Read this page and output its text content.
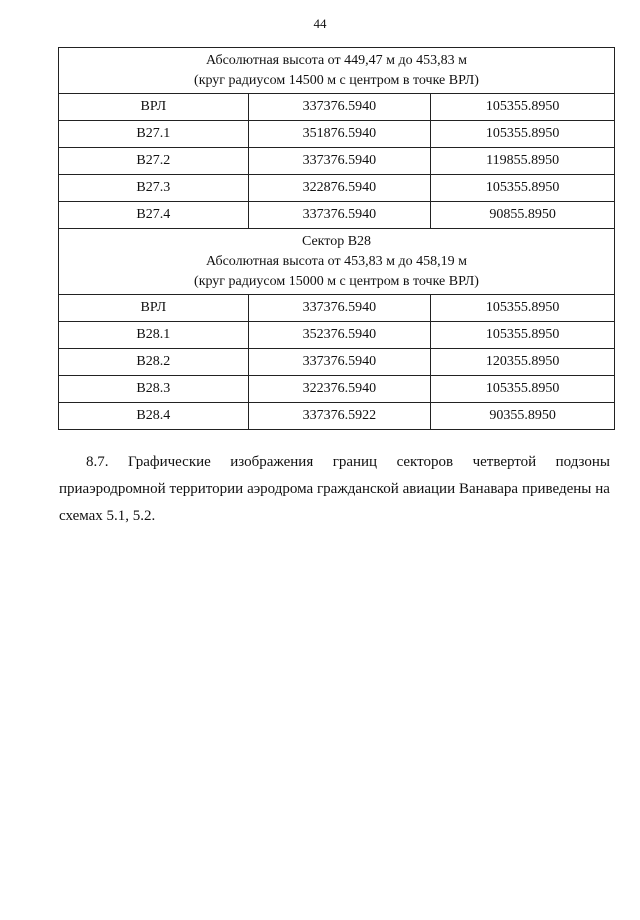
44
Абсолютная высота от 449,47 м до 453,83 м
(круг радиусом 14500 м с центром в точке ВРЛ)		

ВРЛ	337376.5940	105355.8950
В27.1	351876.5940	105355.8950
В27.2	337376.5940	119855.8950
В27.3	322876.5940	105355.8950
В27.4	337376.5940	90855.8950

Сектор В28
Абсолютная высота от 453,83 м до 458,19 м
(круг радиусом 15000 м с центром в точке ВРЛ)		

ВРЛ	337376.5940	105355.8950
В28.1	352376.5940	105355.8950
В28.2	337376.5940	120355.8950
В28.3	322376.5940	105355.8950
В28.4	337376.5922	90355.8950
8.7. Графические изображения границ секторов четвертой подзоны
приаэродромной территории аэродрома гражданской авиации Ванавара приведены на
схемах 5.1, 5.2.
